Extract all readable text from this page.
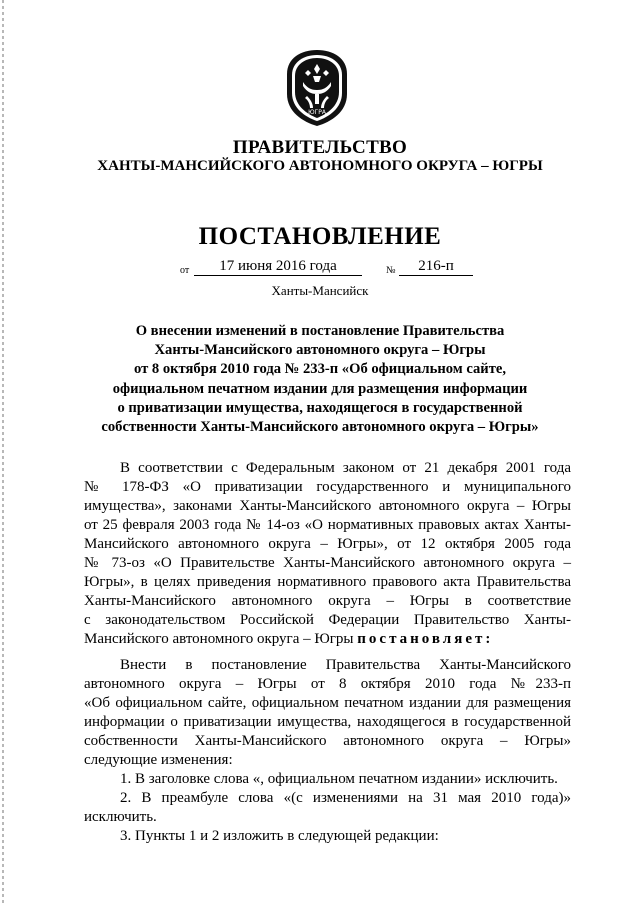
ЮГРА
ПРАВИТЕЛЬСТВО
ХАНТЫ-МАНСИЙСКОГО АВТОНОМНОГО ОКРУГА – ЮГРЫ
ПОСТАНОВЛЕНИЕ
от	17 июня 2016 года	№	216-п
Ханты-Мансийск
О внесении изменений в постановление Правительства
Ханты-Мансийского автономного округа – Югры
от 8 октября 2010 года № 233-п «Об официальном сайте,
официальном печатном издании для размещения информации
о приватизации имущества, находящегося в государственной
собственности Ханты-Мансийского автономного округа – Югры»
В соответствии с Федеральным законом от 21 декабря 2001 года
№ 178-ФЗ «О приватизации государственного и муниципального
имущества», законами Ханты-Мансийского автономного округа – Югры
от 25 февраля 2003 года № 14-оз «О нормативных правовых актах Ханты-
Мансийского автономного округа – Югры», от 12 октября 2005 года
№ 73-оз «О Правительстве Ханты-Мансийского автономного округа –
Югры», в целях приведения нормативного правового акта Правительства
Ханты-Мансийского автономного округа – Югры в соответствие
с законодательством Российской Федерации Правительство Ханты-
Мансийского автономного округа – Югры постановляет:
Внести в постановление Правительства Ханты-Мансийского
автономного округа – Югры от 8 октября 2010 года №233-п
«Об официальном сайте, официальном печатном издании для размещения
информации о приватизации имущества, находящегося в государственной
собственности Ханты-Мансийского автономного округа – Югры»
следующие изменения:
1. В заголовке слова «, официальном печатном издании» исключить.
2. В преамбуле слова «(с изменениями на 31 мая 2010 года)»
исключить.
3. Пункты 1 и 2 изложить в следующей редакции:
